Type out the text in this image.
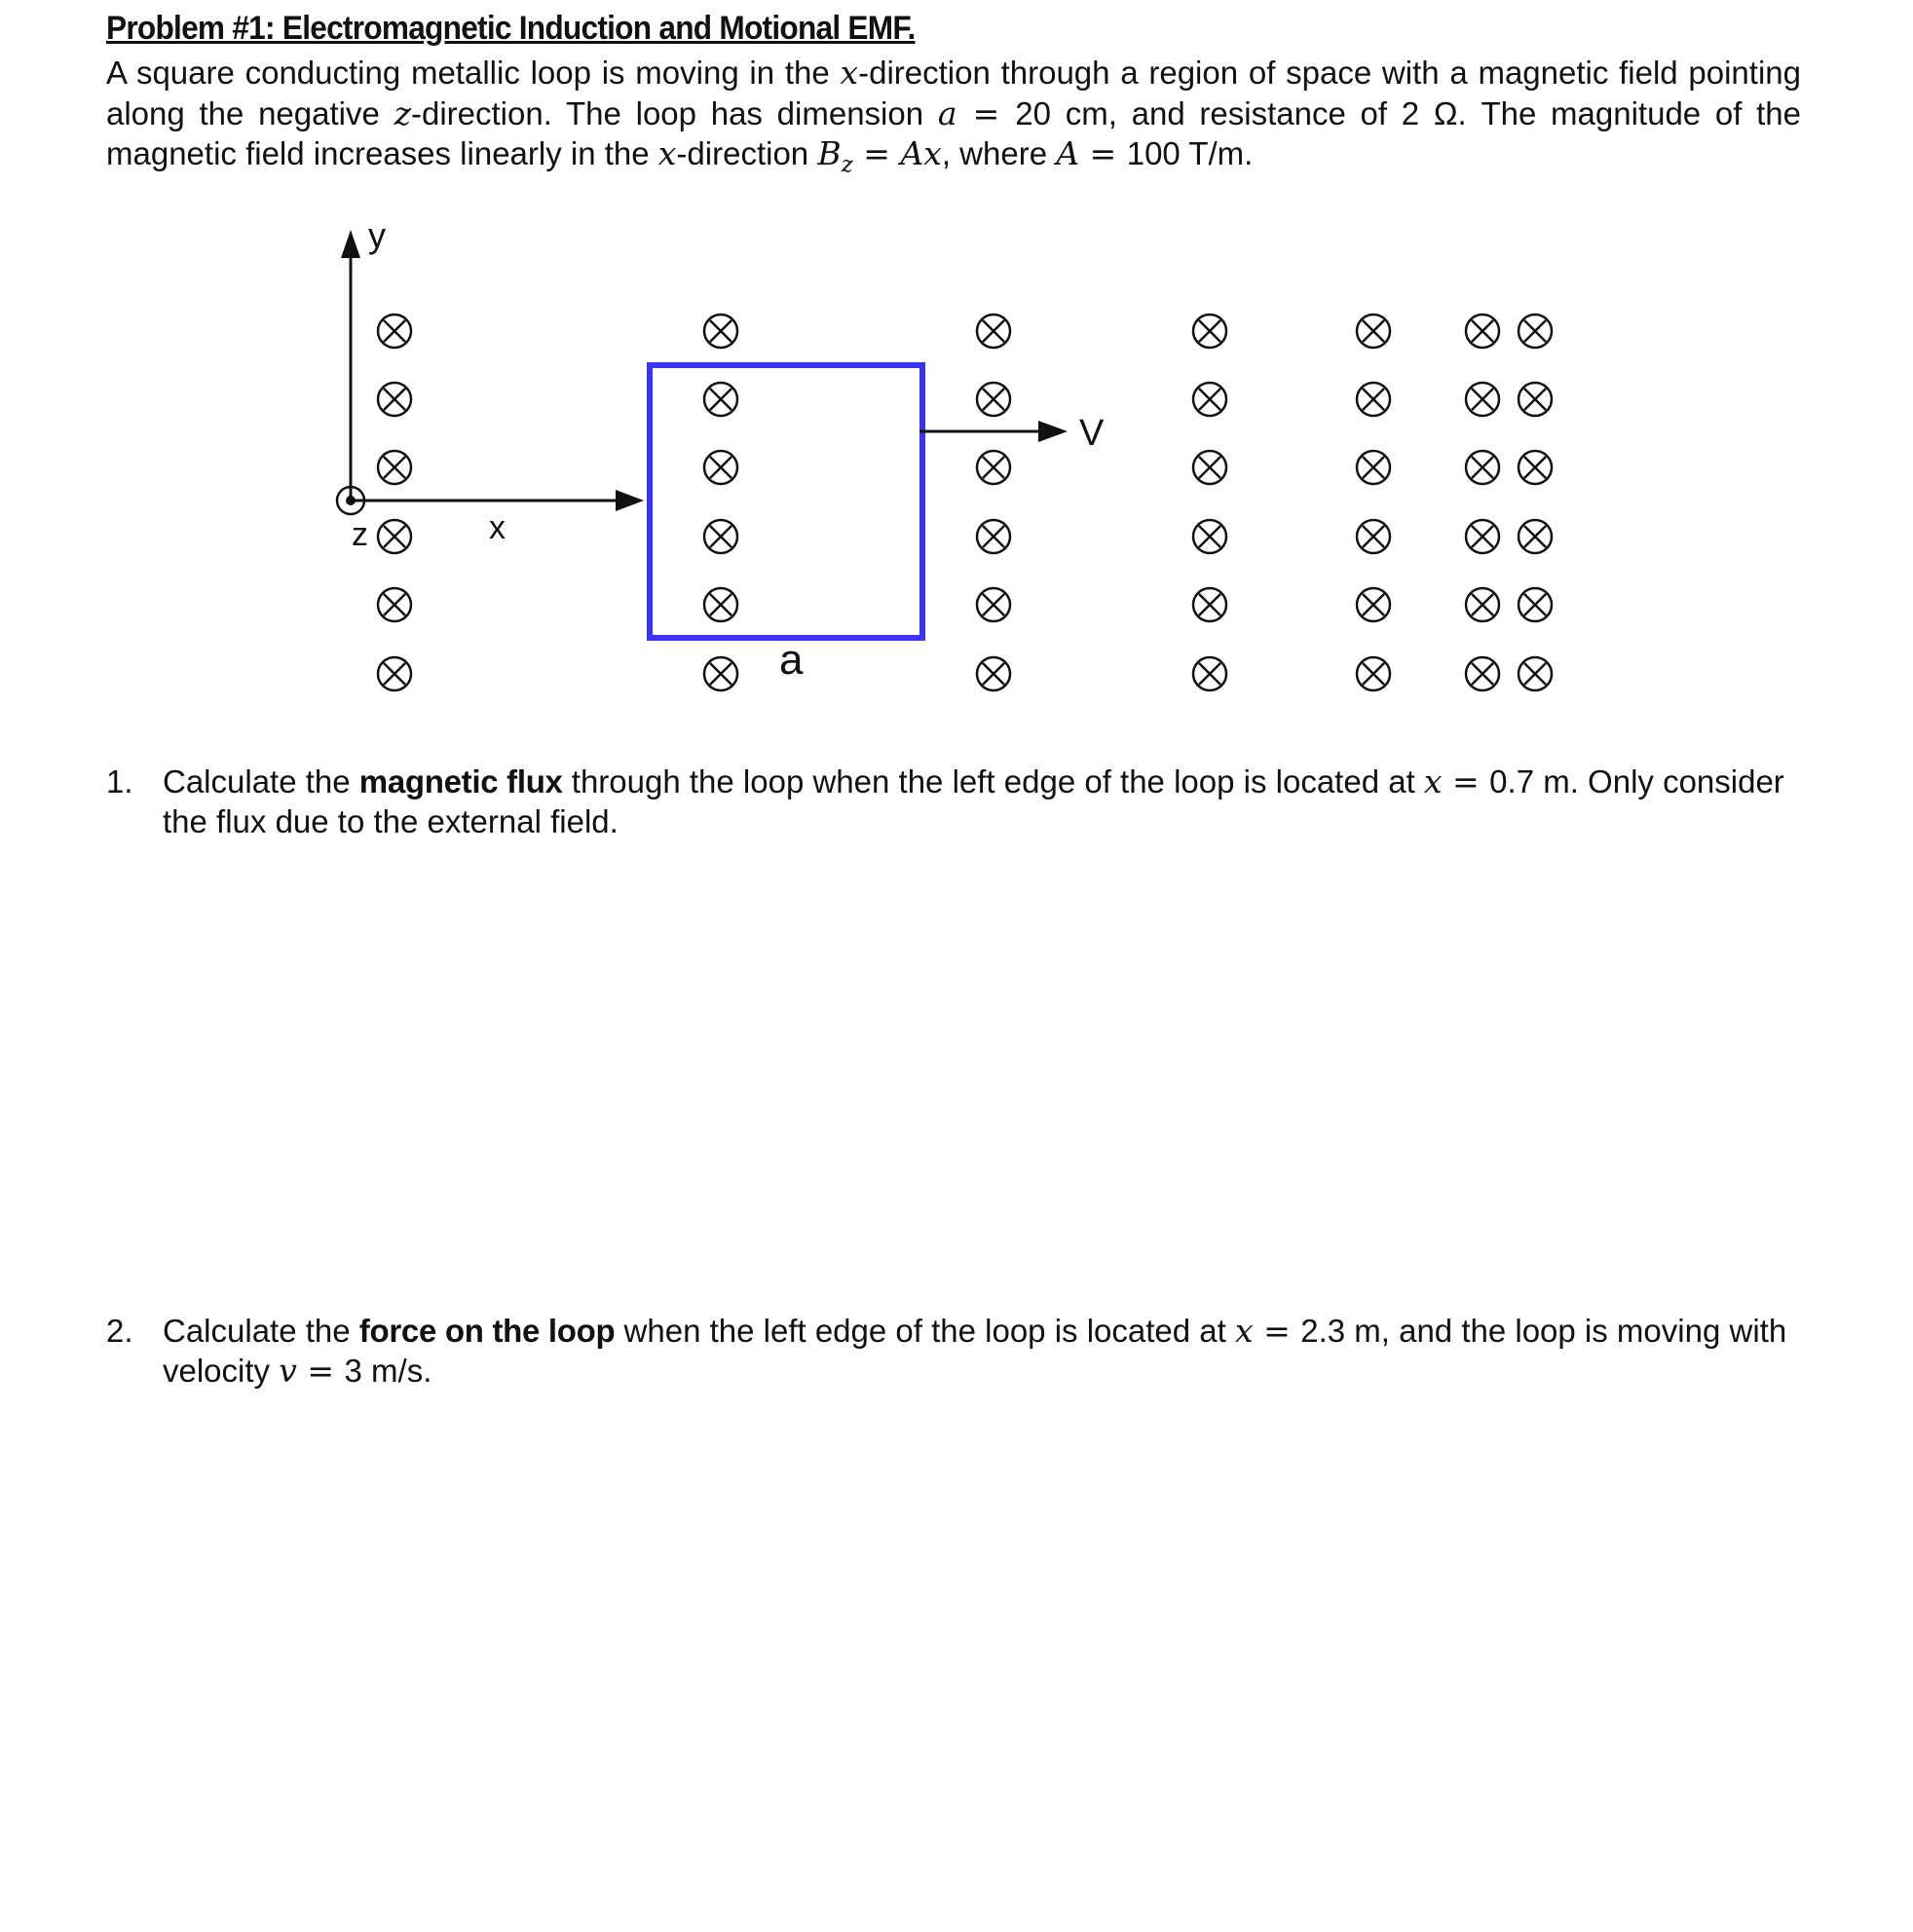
Problem #1: Electromagnetic Induction and Motional EMF.

A square conducting metallic loop is moving in the x-direction through a region of space with a magnetic field pointing along the negative z-direction. The loop has dimension a = 20 cm, and resistance of 2 Ω. The magnitude of the magnetic field increases linearly in the x-direction $B_z = Ax$, where A = 100 T/m.

y
x
z
a
V
1. Calculate the magnetic flux through the loop when the left edge of the loop is located at x = 0.7 m. Only consider the flux due to the external field.
2. Calculate the force on the loop when the left edge of the loop is located at x = 2.3 m, and the loop is moving with velocity v = 3 m/s.
